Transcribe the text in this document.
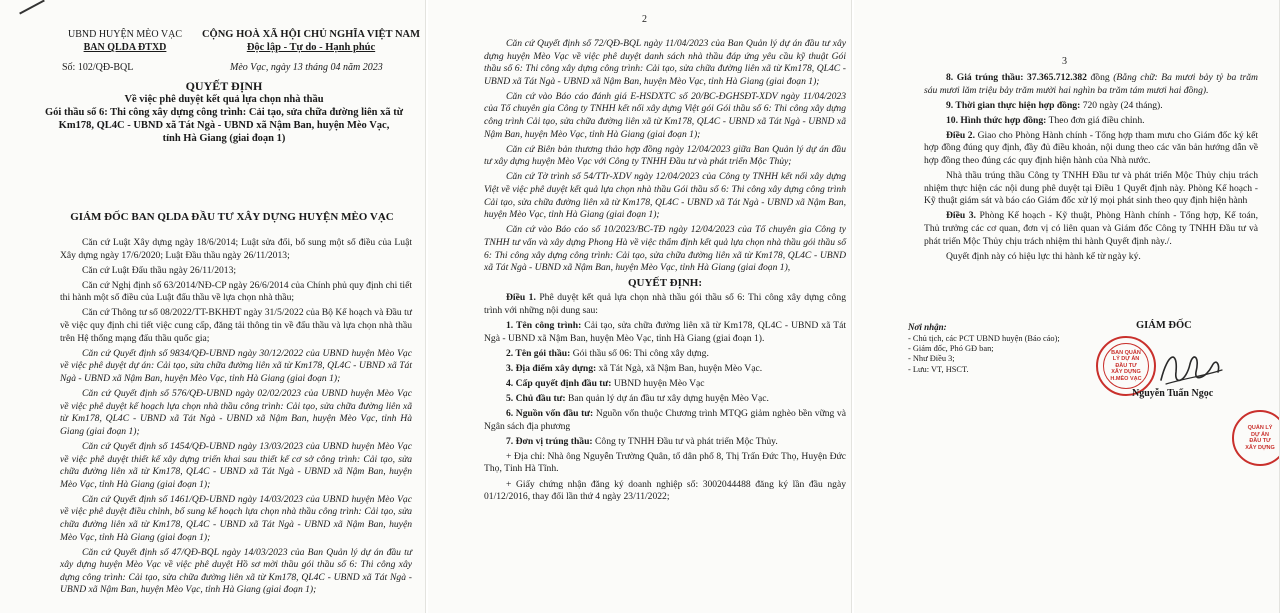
UBND HUYỆN MÈO VẠC
BAN QLDA ĐTXD
Số: 102/QĐ-BQL
CỘNG HOÀ XÃ HỘI CHỦ NGHĨA VIỆT NAM
Độc lập - Tự do - Hạnh phúc
Mèo Vạc, ngày 13 tháng 04 năm 2023
QUYẾT ĐỊNH
Về việc phê duyệt kết quả lựa chọn nhà thầu
Gói thầu số 6: Thi công xây dựng công trình: Cải tạo, sửa chữa đường liên xã từ
Km178, QL4C - UBND xã Tát Ngà - UBND xã Nậm Ban, huyện Mèo Vạc,
tỉnh Hà Giang (giai đoạn 1)
GIÁM ĐỐC BAN QLDA ĐẦU TƯ XÂY DỰNG HUYỆN MÈO VẠC

Căn cứ Luật Xây dựng ngày 18/6/2014; Luật sửa đổi, bổ sung một số điều của Luật Xây dựng ngày 17/6/2020; Luật Đầu thầu ngày 26/11/2013;

Căn cứ Luật Đấu thầu ngày 26/11/2013;

Căn cứ Nghị định số 63/2014/NĐ-CP ngày 26/6/2014 của Chính phủ quy định chi tiết thi hành một số điều của Luật đấu thầu về lựa chọn nhà thầu;

Căn cứ Thông tư số 08/2022/TT-BKHĐT ngày 31/5/2022 của Bộ Kế hoạch và Đầu tư về việc quy định chi tiết việc cung cấp, đăng tải thông tin về đấu thầu và lựa chọn nhà thầu trên Hệ thống mạng đấu thầu quốc gia;

Căn cứ Quyết định số 9834/QĐ-UBND ngày 30/12/2022 của UBND huyện Mèo Vạc về việc phê duyệt dự án: Cải tạo, sửa chữa đường liên xã từ Km178, QL4C - UBND xã Tát Ngà - UBND xã Nậm Ban, huyện Mèo Vạc, tỉnh Hà Giang (giai đoạn 1);

Căn cứ Quyết định số 576/QĐ-UBND ngày 02/02/2023 của UBND huyện Mèo Vạc về việc phê duyệt kế hoạch lựa chọn nhà thầu công trình: Cải tạo, sửa chữa đường liên xã từ Km178, QL4C - UBND xã Tát Ngà - UBND xã Nậm Ban, huyện Mèo Vạc, tỉnh Hà Giang (giai đoạn 1);

Căn cứ Quyết định số 1454/QĐ-UBND ngày 13/03/2023 của UBND huyện Mèo Vạc về việc phê duyệt thiết kế xây dựng triển khai sau thiết kế cơ sở công trình: Cải tạo, sửa chữa đường liên xã từ Km178, QL4C - UBND xã Tát Ngà - UBND xã Nậm Ban, huyện Mèo Vạc, tỉnh Hà Giang (giai đoạn 1);

Căn cứ Quyết định số 1461/QĐ-UBND ngày 14/03/2023 của UBND huyện Mèo Vạc về việc phê duyệt điều chỉnh, bổ sung kế hoạch lựa chọn nhà thầu công trình: Cải tạo, sửa chữa đường liên xã từ Km178, QL4C - UBND xã Tát Ngà - UBND xã Nậm Ban, huyện Mèo Vạc, tỉnh Hà Giang (giai đoạn 1);

Căn cứ Quyết định số 47/QĐ-BQL ngày 14/03/2023 của Ban Quản lý dự án đầu tư xây dựng huyện Mèo Vạc về việc phê duyệt Hồ sơ mời thầu gói thầu số 6: Thi công xây dựng công trình: Cải tạo, sửa chữa đường liên xã từ Km178, QL4C - UBND xã Tát Ngà - UBND xã Nậm Ban, huyện Mèo Vạc, tỉnh Hà Giang (giai đoạn 1);

2

Căn cứ Quyết định số 72/QĐ-BQL ngày 11/04/2023 của Ban Quản lý dự án đầu tư xây dựng huyện Mèo Vạc về việc phê duyệt danh sách nhà thầu đáp ứng yêu cầu kỹ thuật Gói thầu số 6: Thi công xây dựng công trình: Cải tạo, sửa chữa đường liên xã từ Km178, QL4C - UBND xã Tát Ngà - UBND xã Nậm Ban, huyện Mèo Vạc, tỉnh Hà Giang (giai đoạn 1);

Căn cứ vào Báo cáo đánh giá E-HSDXTC số 20/BC-ĐGHSĐT-XDV ngày 11/04/2023 của Tổ chuyên gia Công ty TNHH kết nối xây dựng Việt gói Gói thầu số 6: Thi công xây dựng công trình Cải tạo, sửa chữa đường liên xã từ Km178, QL4C - UBND xã Tát Ngà - UBND xã Nậm Ban, huyện Mèo Vạc, tỉnh Hà Giang (giai đoạn 1);

Căn cứ Biên bản thương thảo hợp đồng ngày 12/04/2023 giữa Ban Quản lý dự án đầu tư xây dựng huyện Mèo Vạc với Công ty TNHH Đầu tư và phát triển Mộc Thủy;

Căn cứ Tờ trình số 54/TTr-XDV ngày 12/04/2023 của Công ty TNHH kết nối xây dựng Việt về việc phê duyệt kết quả lựa chọn nhà thầu Gói thầu số 6: Thi công xây dựng công trình Cải tạo, sửa chữa đường liên xã từ Km178, QL4C - UBND xã Tát Ngà - UBND xã Nậm Ban, huyện Mèo Vạc, tỉnh Hà Giang (giai đoạn 1);

Căn cứ vào Báo cáo số 10/2023/BC-TĐ ngày 12/04/2023 của Tổ chuyên gia Công ty TNHH tư vấn và xây dựng Phong Hà về việc thẩm định kết quả lựa chọn nhà thầu gói thầu số 6: Thi công xây dựng công trình: Cải tạo, sửa chữa đường liên xã từ Km178, QL4C - UBND xã Tát Ngà - UBND xã Nậm Ban, huyện Mèo Vạc, tỉnh Hà Giang (giai đoạn 1),

QUYẾT ĐỊNH:

Điều 1. Phê duyệt kết quả lựa chọn nhà thầu gói thầu số 6: Thi công xây dựng công trình với những nội dung sau:

1. Tên công trình: Cải tạo, sửa chữa đường liên xã từ Km178, QL4C - UBND xã Tát Ngà - UBND xã Nậm Ban, huyện Mèo Vạc, tỉnh Hà Giang (giai đoạn 1).

2. Tên gói thầu: Gói thầu số 06: Thi công xây dựng.

3. Địa điểm xây dựng: xã Tát Ngà, xã Nậm Ban, huyện Mèo Vạc.

4. Cấp quyết định đầu tư: UBND huyện Mèo Vạc

5. Chủ đầu tư: Ban quản lý dự án đầu tư xây dựng huyện Mèo Vạc.

6. Nguồn vốn đầu tư: Nguồn vốn thuộc Chương trình MTQG giảm nghèo bền vững và Ngân sách địa phương

7. Đơn vị trúng thầu: Công ty TNHH Đầu tư và phát triển Mộc Thủy.

+ Địa chỉ: Nhà ông Nguyễn Trường Quân, tổ dân phố 8, Thị Trấn Đức Thọ, Huyện Đức Thọ, Tỉnh Hà Tĩnh.

+ Giấy chứng nhận đăng ký doanh nghiệp số: 3002044488 đăng ký lần đầu ngày 01/12/2016, thay đổi lần thứ 4 ngày 23/11/2022;

3

8. Giá trúng thầu: 37.365.712.382 đồng (Bằng chữ: Ba mươi bảy tỷ ba trăm sáu mươi lăm triệu bảy trăm mười hai nghìn ba trăm tám mươi hai đồng).

9. Thời gian thực hiện hợp đồng: 720 ngày (24 tháng).

10. Hình thức hợp đồng: Theo đơn giá điều chỉnh.

Điều 2. Giao cho Phòng Hành chính - Tổng hợp tham mưu cho Giám đốc ký kết hợp đồng đúng quy định, đầy đủ điều khoản, nội dung theo các văn bản hướng dẫn về hợp đồng theo đúng các quy định hiện hành của Nhà nước.

Nhà thầu trúng thầu Công ty TNHH Đầu tư và phát triển Mộc Thủy chịu trách nhiệm thực hiện các nội dung phê duyệt tại Điều 1 Quyết định này. Phòng Kế hoạch - Kỹ thuật giám sát và báo cáo Giám đốc xử lý mọi phát sinh theo quy định hiện hành

Điều 3. Phòng Kế hoạch - Kỹ thuật, Phòng Hành chính - Tổng hợp, Kế toán, Thủ trưởng các cơ quan, đơn vị có liên quan và Giám đốc Công ty TNHH Đầu tư và phát triển Mộc Thủy chịu trách nhiệm thi hành Quyết định này./.

Quyết định này có hiệu lực thi hành kể từ ngày ký.

Nơi nhận:
- Chủ tịch, các PCT UBND huyện (Báo cáo);
- Giám đốc, Phó GĐ ban;
- Như Điều 3;
- Lưu: VT, HSCT.
GIÁM ĐỐC
BAN QUẢN LÝ DỰ ÁN ĐẦU TƯ XÂY DỰNG H.MÈO VẠC
Nguyễn Tuấn Ngọc
QUẢN LÝ DỰ ÁN ĐẦU TƯ XÂY DỰNG
